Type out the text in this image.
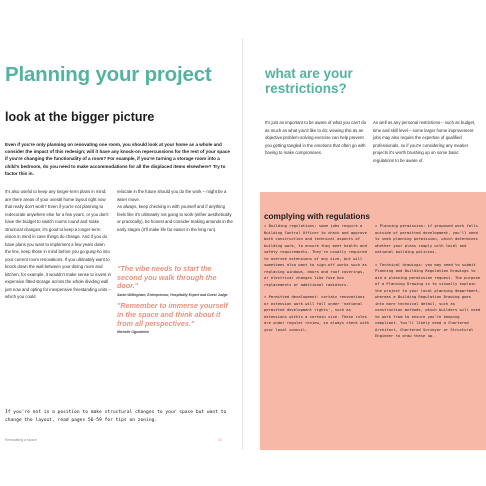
Planning your project
look at the bigger picture

Even if you're only planning on renovating one room, you should look at your home as a whole and consider the impact of this redesign; will it have any knock-on repercussions for the rest of your space if you're changing the functionality of a room? For example, if you're turning a storage room into a child's bedroom, do you need to make accommodations for all the displaced items elsewhere? Try to factor this in.

It's also useful to keep any longer-term plans in mind; are there areas of your overall home layout right now that really don't work? Even if you're not planning to redecorate anywhere else for a few years, or you don't have the budget to switch rooms round and make structural changes, it's good to keep a longer-term vision in mind in case things do change. And if you do have plans you want to implement a few years down the line, keep those in mind before you go gung-ho into your current room renovations. If you ultimately want to knock down the wall between your dining room and kitchen, for example, it wouldn't make sense to invest in expensive fitted storage across the whole dividing wall just now and opting for inexpensive freestanding units – which you could

relocate in the future should you do the work – might be a wiser move.
As always, keep checking in with yourself and if anything feels like it's ultimately not going to work (either aesthetically or practically), be honest and consider making amends in the early stages (it'll make life far easier in the long run).

"The vibe needs to start the second you walk through the door."

Sarah Willingham, Entrepreneur, Hospitality Expert and Guest Judge

"Remember to immerse yourself in the space and think about it from all perspectives."

Michelle Ogundehin

If you're not in a position to make structural changes to your space but want to change the layout, read pages 56-59 for tips on zoning.

Renovating a space	20
what are your restrictions?

It's just as important to be aware of what you can't do as much as what you'd like to do; viewing this as an objective problem-solving exercise can help prevent you getting tangled in the emotions that often go with having to make compromises.

As well as any personal restrictions – such as budget, time and skill level – some larger home improvement jobs may also require the expertise of qualified professionals, so if you're considering any meatier projects it's worth brushing up on some basic regulations to be aware of.

complying with regulations

» Building regulations: some jobs require a Building Control Officer to check and approve both construction and technical aspects of building work, to ensure they meet health and safety requirements. They're usually required to oversee extensions of any size, but will sometimes also want to sign-off works such as replacing windows, doors and roof coverings, or electrical changes like fuse box replacements or additional radiators.

» Permitted development: certain renovations or extension work will fall under 'national permitted development rights', such as extensions within a certain size. These rules are under regular review, so always check with your local council.

» Planning permission: if proposed work falls outside of permitted development, you'll need to seek planning permission, which determines whether your plans comply with local and national building policies.

» Technical drawings: you may need to submit Planning and Building Regulation Drawings to aid a planning permission request. The purpose of a Planning Drawing is to visually explain the project to your local planning department, whereas a Building Regulation Drawing goes into more technical detail, such as construction methods, which builders will need to work from to ensure you're keeping compliant. You'll likely need a Chartered Architect, Chartered Surveyor or Structural Engineer to draw these up.
